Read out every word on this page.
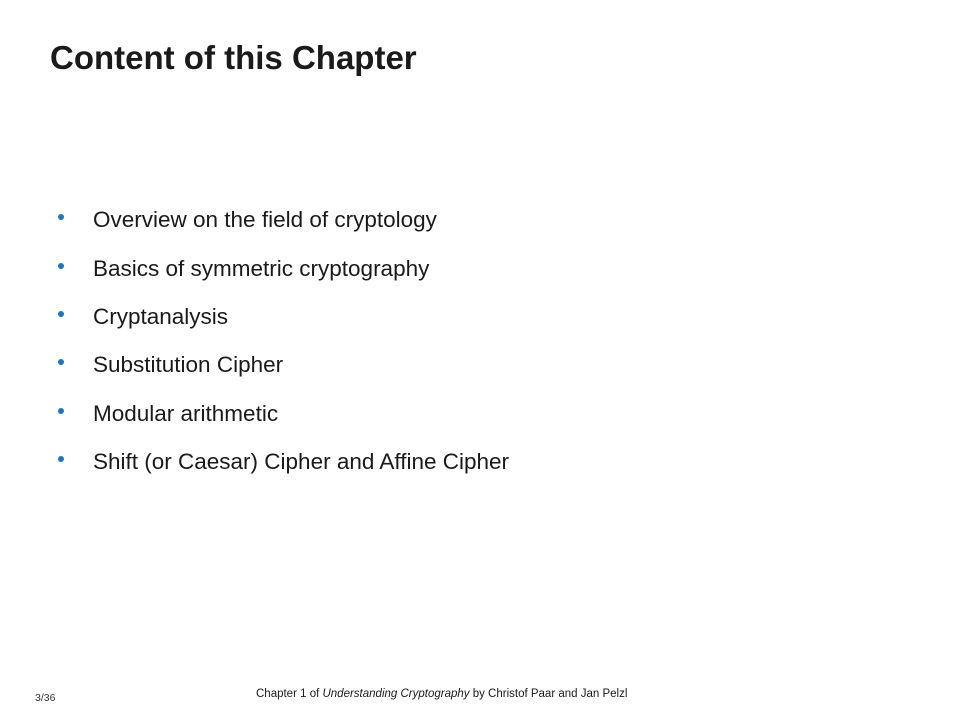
Content of this Chapter
Overview on the field of cryptology
Basics of symmetric cryptography
Cryptanalysis
Substitution Cipher
Modular arithmetic
Shift (or Caesar) Cipher and Affine Cipher
3/36	Chapter 1 of Understanding Cryptography by Christof Paar and Jan Pelzl
